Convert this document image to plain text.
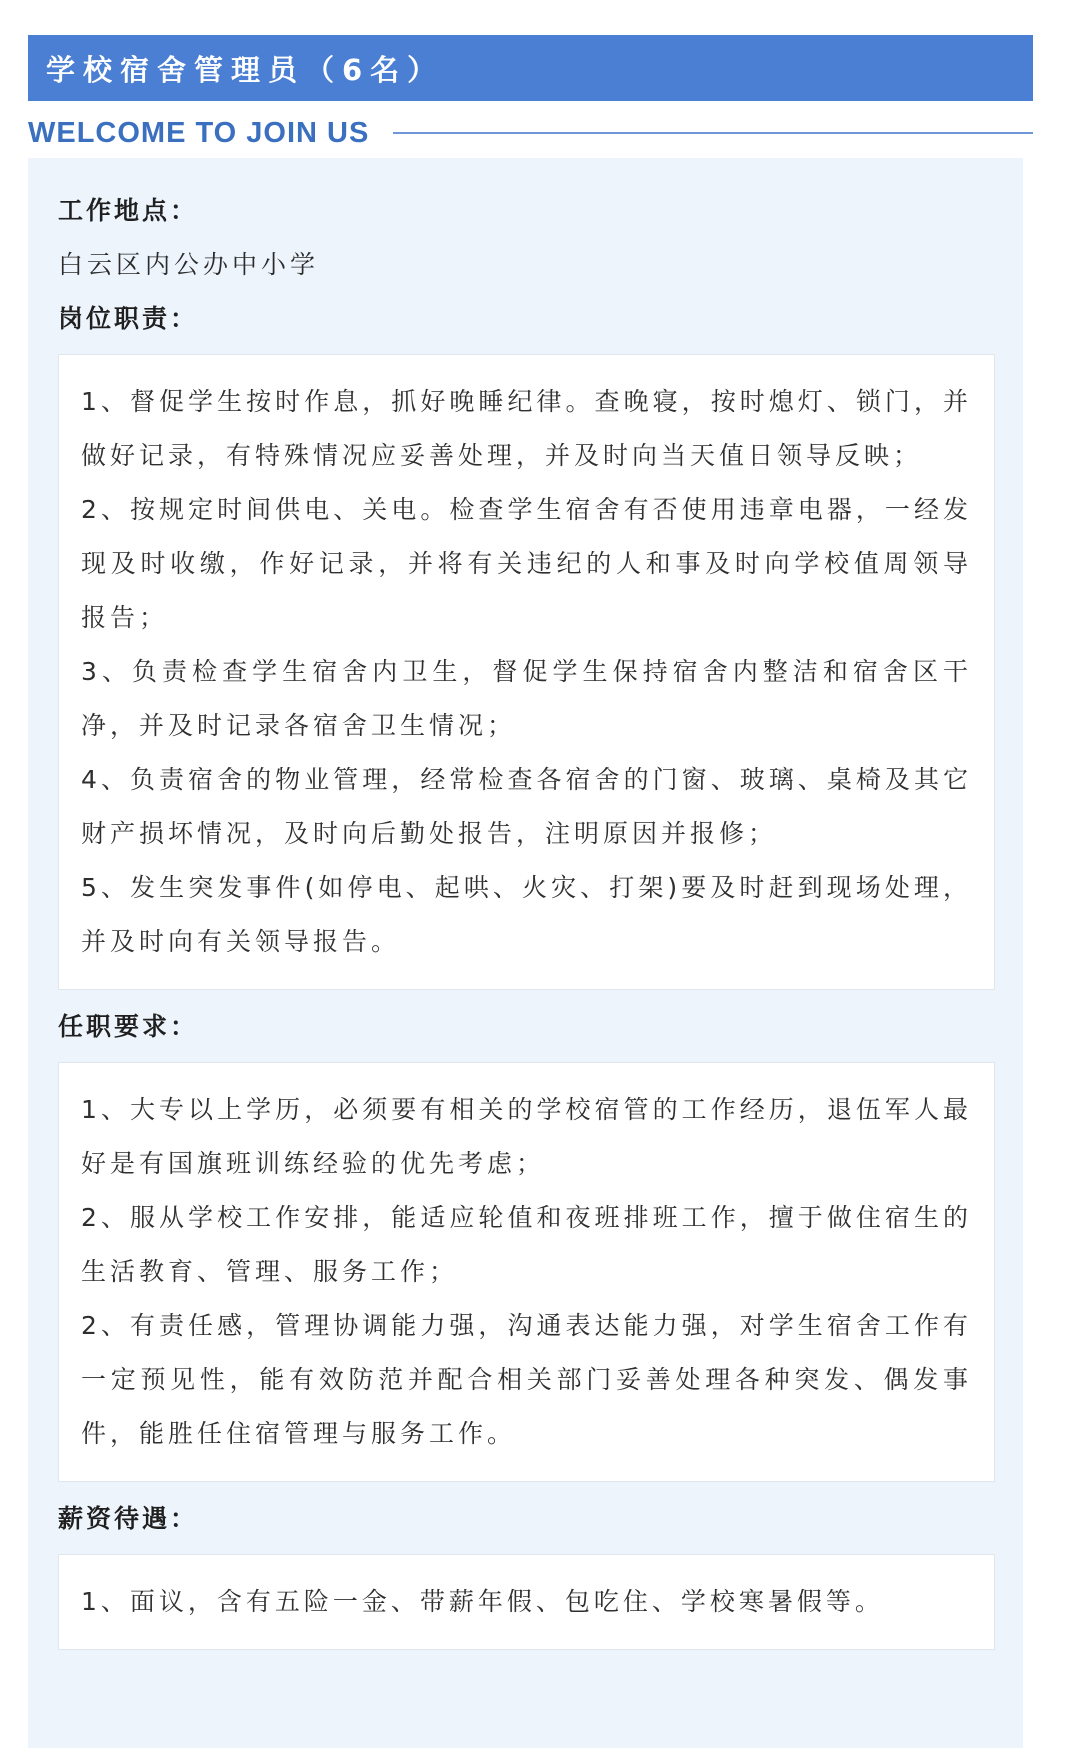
学校宿舍管理员（6名）
WELCOME TO JOIN US
工作地点：
白云区内公办中小学
岗位职责：

1、督促学生按时作息，抓好晚睡纪律。查晚寝，按时熄灯、锁门，并做好记录，有特殊情况应妥善处理，并及时向当天值日领导反映；

2、按规定时间供电、关电。检查学生宿舍有否使用违章电器，一经发现及时收缴，作好记录，并将有关违纪的人和事及时向学校值周领导报告；

3、负责检查学生宿舍内卫生，督促学生保持宿舍内整洁和宿舍区干净，并及时记录各宿舍卫生情况；

4、负责宿舍的物业管理，经常检查各宿舍的门窗、玻璃、桌椅及其它财产损坏情况，及时向后勤处报告，注明原因并报修；

5、发生突发事件(如停电、起哄、火灾、打架)要及时赶到现场处理，并及时向有关领导报告。

任职要求：

1、大专以上学历，必须要有相关的学校宿管的工作经历，退伍军人最好是有国旗班训练经验的优先考虑；

2、服从学校工作安排，能适应轮值和夜班排班工作，擅于做住宿生的生活教育、管理、服务工作；

2、有责任感，管理协调能力强，沟通表达能力强，对学生宿舍工作有一定预见性，能有效防范并配合相关部门妥善处理各种突发、偶发事件，能胜任住宿管理与服务工作。

薪资待遇：

1、面议，含有五险一金、带薪年假、包吃住、学校寒暑假等。
